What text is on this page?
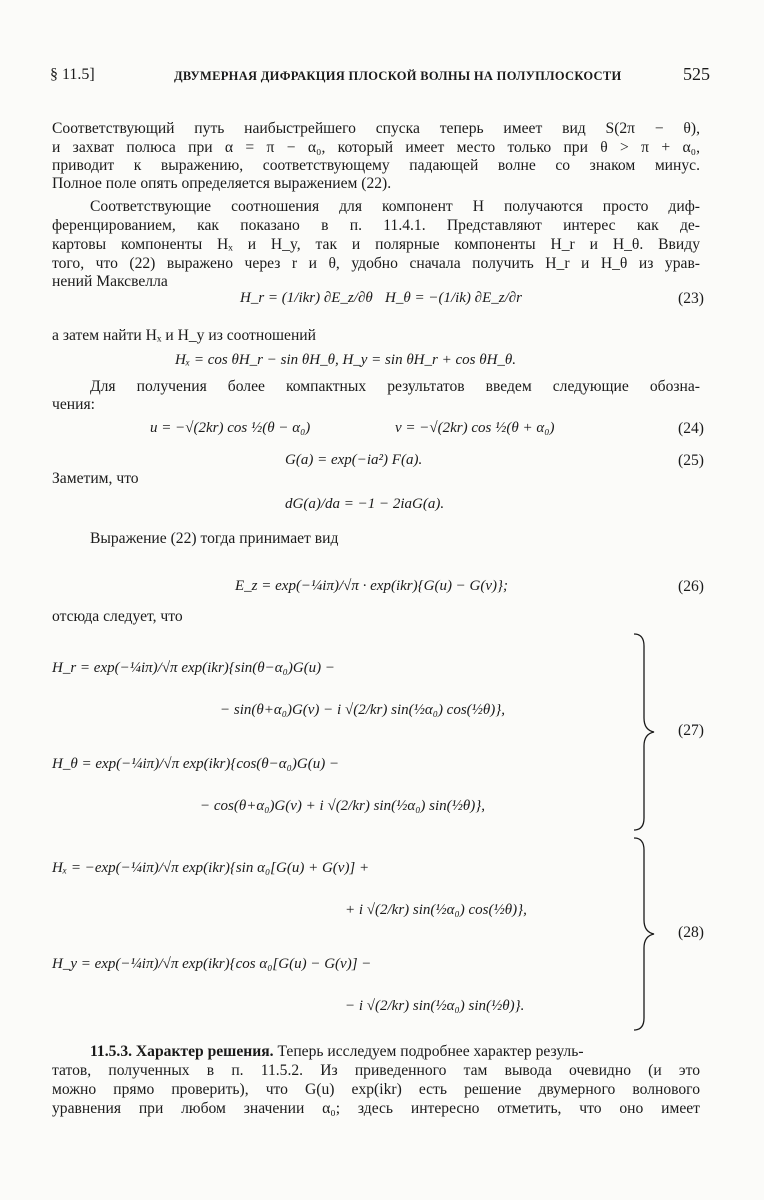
§ 11.5]	ДВУМЕРНАЯ ДИФРАКЦИЯ ПЛОСКОЙ ВОЛНЫ НА ПОЛУПЛОСКОСТИ	525
Соответствующий путь наибыстрейшего спуска теперь имеет вид S(2π − θ),
и захват полюса при α = π − α₀, который имеет место только при θ > π + α₀,
приводит к выражению, соответствующему падающей волне со знаком минус.
Полное поле опять определяется выражением (22).
Соответствующие соотношения для компонент H получаются просто диф-
ференцированием, как показано в п. 11.4.1. Представляют интерес как де-
картовы компоненты Hₓ и H_y, так и полярные компоненты H_r и H_θ. Ввиду
того, что (22) выражено через r и θ, удобно сначала получить H_r и H_θ из урав-
нений Максвелла
H_r = (1/ikr) ∂E_z/∂θ H_θ = −(1/ik) ∂E_z/∂r	(23)
а затем найти Hₓ и H_y из соотношений
Hₓ = cos θH_r − sin θH_θ, H_y = sin θH_r + cos θH_θ.
Для получения более компактных результатов введем следующие обозна-
чения:
u = −√(2kr) cos ½(θ − α₀)	v = −√(2kr) cos ½(θ + α₀)	(24)
G(a) = exp(−ia²) F(a).	(25)
Заметим, что
dG(a)/da = −1 − 2iaG(a).
Выражение (22) тогда принимает вид
E_z = exp(−¼iπ)/√π · exp(ikr){G(u) − G(v)};	(26)
отсюда следует, что
H_r = exp(−¼iπ)/√π exp(ikr){sin(θ−α₀)G(u) −
− sin(θ+α₀)G(v) − i √(2/kr) sin(½α₀) cos(½θ)},
H_θ = exp(−¼iπ)/√π exp(ikr){cos(θ−α₀)G(u) −
− cos(θ+α₀)G(v) + i √(2/kr) sin(½α₀) sin(½θ)},
(27)
Hₓ = −exp(−¼iπ)/√π exp(ikr){sin α₀[G(u) + G(v)] +
+ i √(2/kr) sin(½α₀) cos(½θ)},
H_y = exp(−¼iπ)/√π exp(ikr){cos α₀[G(u) − G(v)] −
− i √(2/kr) sin(½α₀) sin(½θ)}.
(28)
11.5.3. Характер решения. Теперь исследуем подробнее характер резуль-
татов, полученных в п. 11.5.2. Из приведенного там вывода очевидно (и это
можно прямо проверить), что G(u) exp(ikr) есть решение двумерного волнового
уравнения при любом значении α₀; здесь интересно отметить, что оно имеет
